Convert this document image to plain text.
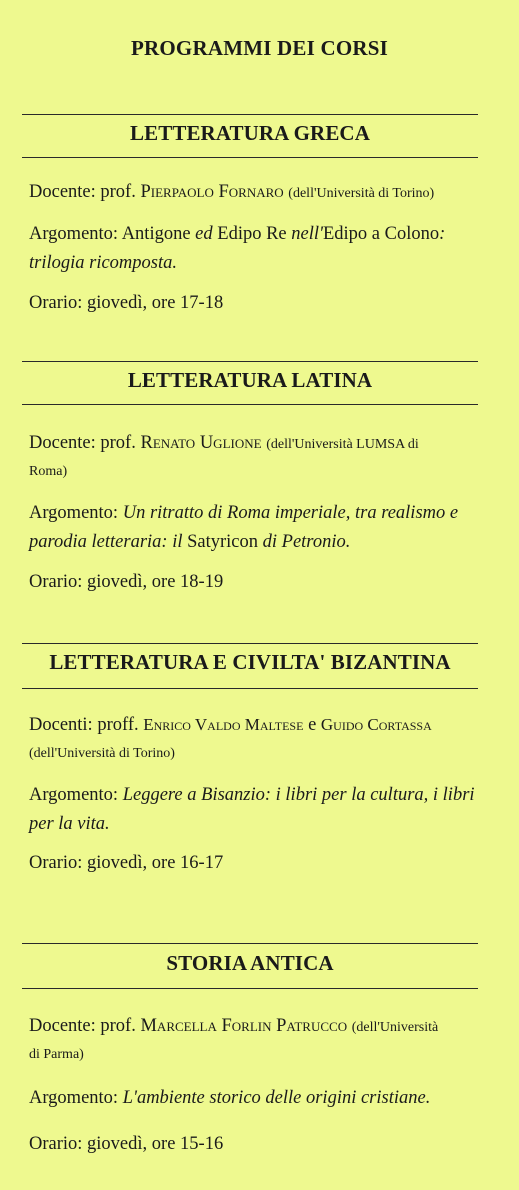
PROGRAMMI DEI CORSI
LETTERATURA GRECA
Docente: prof. Pierpaolo Fornaro (dell'Università di Torino)
Argomento: Antigone ed Edipo Re nell'Edipo a Colono:
trilogia ricomposta.
Orario: giovedì, ore 17-18
LETTERATURA LATINA
Docente: prof. Renato Uglione (dell'Università LUMSA di
Roma)
Argomento: Un ritratto di Roma imperiale, tra realismo e
parodia letteraria: il Satyricon di Petronio.
Orario: giovedì, ore 18-19
LETTERATURA E CIVILTA' BIZANTINA
Docenti: proff. Enrico Valdo Maltese e Guido Cortassa
(dell'Università di Torino)
Argomento: Leggere a Bisanzio: i libri per la cultura, i libri
per la vita.
Orario: giovedì, ore 16-17
STORIA ANTICA
Docente: prof. Marcella Forlin Patrucco (dell'Università
di Parma)
Argomento: L'ambiente storico delle origini cristiane.
Orario: giovedì, ore 15-16
